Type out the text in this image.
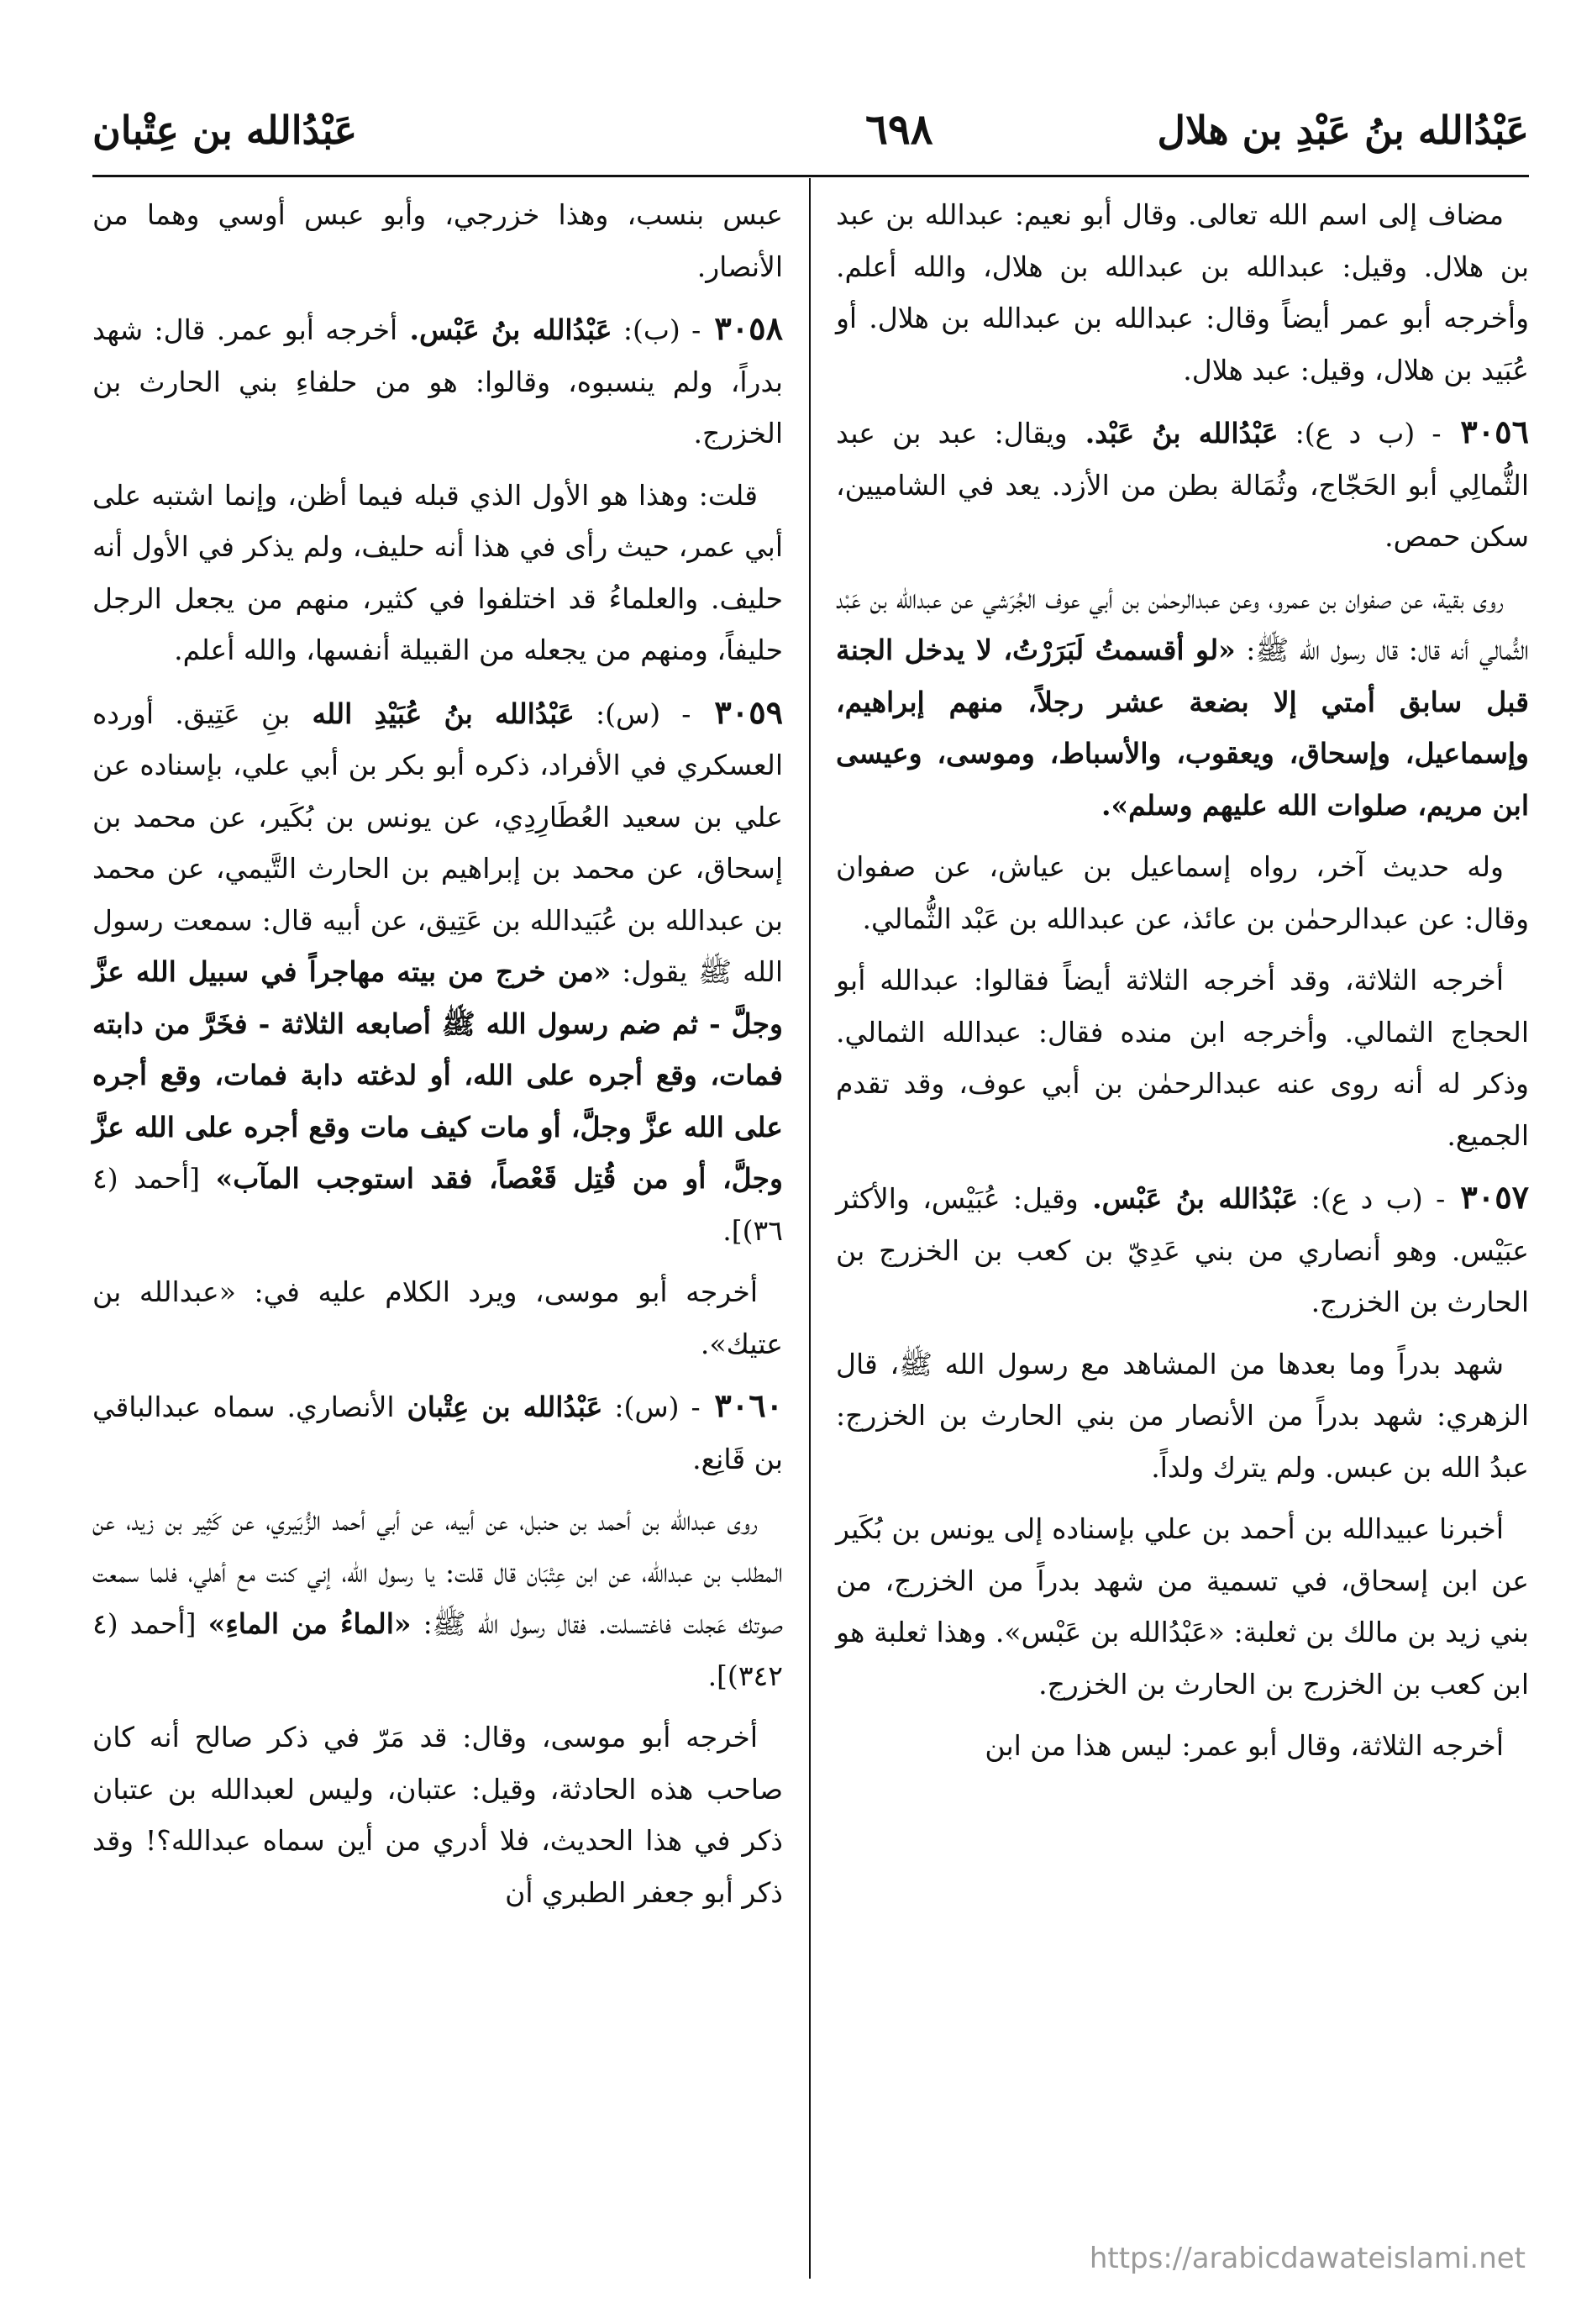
عَبْدُالله بنُ عَبْدِ بن هلال
٦٩٨
عَبْدُالله بن عِتْبان

مضاف إلى اسم الله تعالى. وقال أبو نعيم: عبدالله بن عبد بن هلال. وقيل: عبدالله بن عبدالله بن هلال، والله أعلم. وأخرجه أبو عمر أيضاً وقال: عبدالله بن عبدالله بن هلال. أو عُبَيد بن هلال، وقيل: عبد هلال.

٣٠٥٦ - (ب د ع): عَبْدُالله بنُ عَبْد. ويقال: عبد بن عبد الثُّمالِي أبو الحَجّاج، وثُمَالة بطن من الأزد. يعد في الشاميين، سكن حمص.

روى بقية، عن صفوان بن عمرو، وعن عبدالرحمٰن بن أبي عوف الجُرَشي عن عبدالله بن عَبْد الثُّمالي أنه قال: قال رسول الله ﷺ: «لو أقسمتُ لَبَرَرْتُ، لا يدخل الجنة قبل سابق أمتي إلا بضعة عشر رجلاً، منهم إبراهيم، وإسماعيل، وإسحاق، ويعقوب، والأسباط، وموسى، وعيسى ابن مريم، صلوات الله عليهم وسلم».

وله حديث آخر، رواه إسماعيل بن عياش، عن صفوان وقال: عن عبدالرحمٰن بن عائذ، عن عبدالله بن عَبْد الثُّمالي.

أخرجه الثلاثة، وقد أخرجه الثلاثة أيضاً فقالوا: عبدالله أبو الحجاج الثمالي. وأخرجه ابن منده فقال: عبدالله الثمالي. وذكر له أنه روى عنه عبدالرحمٰن بن أبي عوف، وقد تقدم الجميع.

٣٠٥٧ - (ب د ع): عَبْدُالله بنُ عَبْس. وقيل: عُبَيْس، والأكثر عبَيْس. وهو أنصاري من بني عَدِيّ بن كعب بن الخزرج بن الحارث بن الخزرج.

شهد بدراً وما بعدها من المشاهد مع رسول الله ﷺ، قال الزهري: شهد بدراً من الأنصار من بني الحارث بن الخزرج: عبدُ الله بن عبس. ولم يترك ولداً.

أخبرنا عبيدالله بن أحمد بن علي بإسناده إلى يونس بن بُكَير عن ابن إسحاق، في تسمية من شهد بدراً من الخزرج، من بني زيد بن مالك بن ثعلبة: «عَبْدُالله بن عَبْس». وهذا ثعلبة هو ابن كعب بن الخزرج بن الحارث بن الخزرج.

أخرجه الثلاثة، وقال أبو عمر: ليس هذا من ابن

عبس بنسب، وهذا خزرجي، وأبو عبس أوسي وهما من الأنصار.

٣٠٥٨ - (ب): عَبْدُالله بنُ عَبْس. أخرجه أبو عمر. قال: شهد بدراً، ولم ينسبوه، وقالوا: هو من حلفاءِ بني الحارث بن الخزرج.

قلت: وهذا هو الأول الذي قبله فيما أظن، وإنما اشتبه على أبي عمر، حيث رأى في هذا أنه حليف، ولم يذكر في الأول أنه حليف. والعلماءُ قد اختلفوا في كثير، منهم من يجعل الرجل حليفاً، ومنهم من يجعله من القبيلة أنفسها، والله أعلم.

٣٠٥٩ - (س): عَبْدُالله بنُ عُبَيْدِ الله بنِ عَتِيق. أورده العسكري في الأفراد، ذكره أبو بكر بن أبي علي، بإسناده عن علي بن سعيد العُطَارِدِي، عن يونس بن بُكَير، عن محمد بن إسحاق، عن محمد بن إبراهيم بن الحارث التَّيمي، عن محمد بن عبدالله بن عُبَيدالله بن عَتِيق، عن أبيه قال: سمعت رسول الله ﷺ يقول: «من خرج من بيته مهاجراً في سبيل الله عزَّ وجلَّ - ثم ضم رسول الله ﷺ أصابعه الثلاثة - فخَرَّ من دابته فمات، وقع أجره على الله، أو لدغته دابة فمات، وقع أجره على الله عزَّ وجلَّ، أو مات كيف مات وقع أجره على الله عزَّ وجلَّ، أو من قُتِل قَعْصاً، فقد استوجب المآب» [أحمد (٤ ٣٦)].

أخرجه أبو موسى، ويرد الكلام عليه في: «عبدالله بن عتيك».

٣٠٦٠ - (س): عَبْدُالله بن عِتْبان الأنصاري. سماه عبدالباقي بن قَانِع.

روى عبدالله بن أحمد بن حنبل، عن أبيه، عن أبي أحمد الزُّبَيري، عن كَثِير بن زيد، عن المطلب بن عبدالله، عن ابن عِتْبَان قال قلت: يا رسول الله، إني كنت مع أهلي، فلما سمعت صوتك عَجلت فاغتسلت. فقال رسول الله ﷺ: «الماءُ من الماءِ» [أحمد (٤ ٣٤٢)].

أخرجه أبو موسى، وقال: قد مَرّ في ذكر صالح أنه كان صاحب هذه الحادثة، وقيل: عتبان، وليس لعبدالله بن عتبان ذكر في هذا الحديث، فلا أدري من أين سماه عبدالله؟! وقد ذكر أبو جعفر الطبري أن

https://arabicdawateislami.net
